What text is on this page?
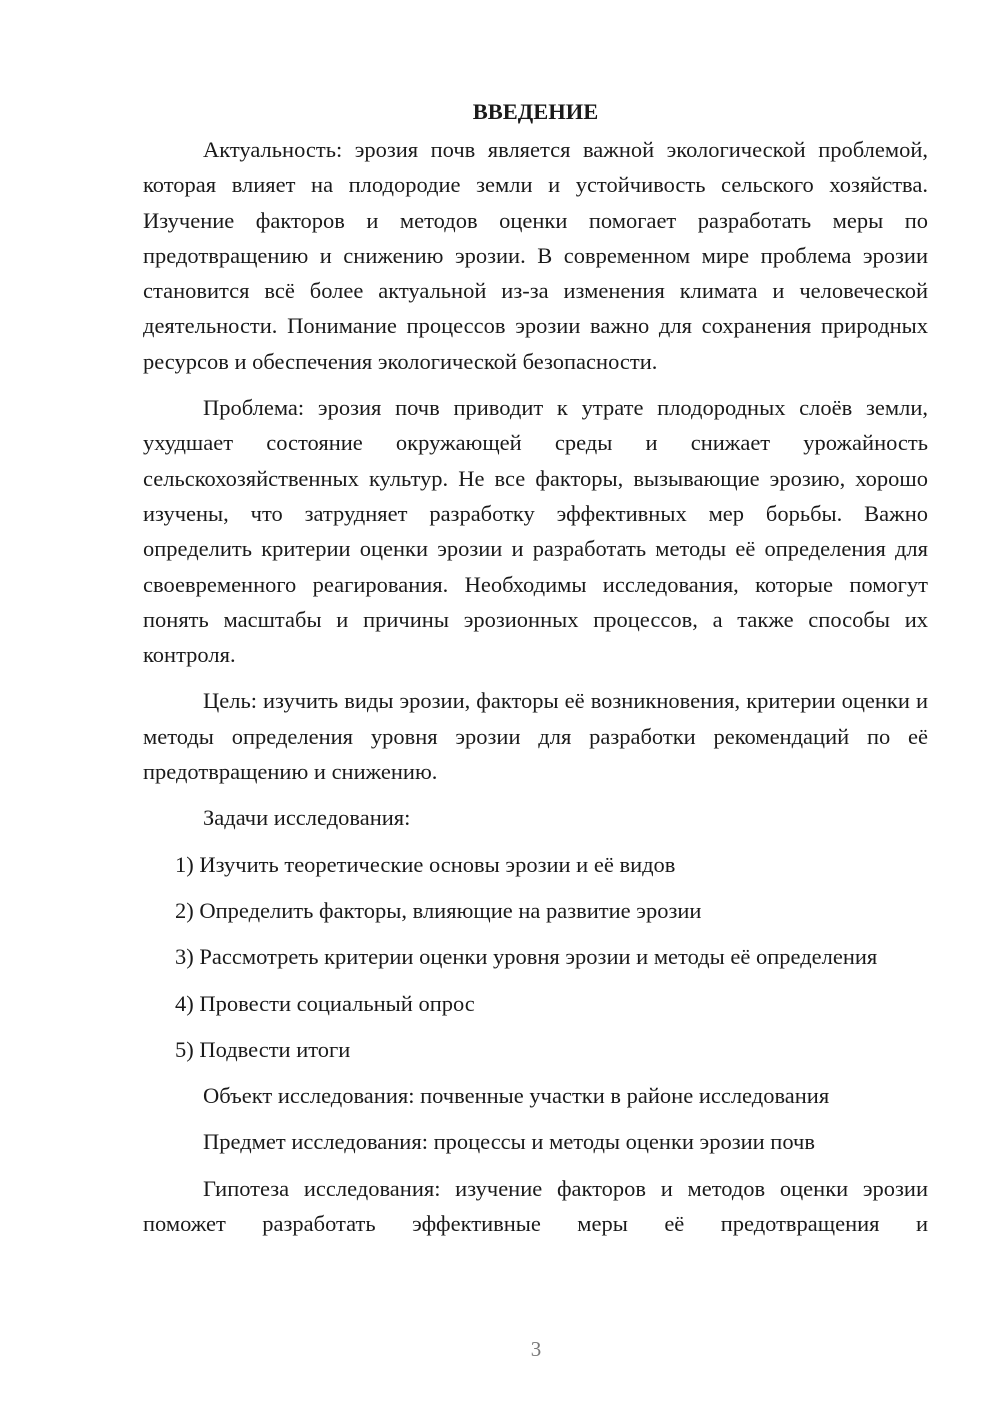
ВВЕДЕНИЕ

Актуальность: эрозия почв является важной экологической проблемой, которая влияет на плодородие земли и устойчивость сельского хозяйства. Изучение факторов и методов оценки помогает разработать меры по предотвращению и снижению эрозии. В современном мире проблема эрозии становится всё более актуальной из-за изменения климата и человеческой деятельности. Понимание процессов эрозии важно для сохранения природных ресурсов и обеспечения экологической безопасности.

Проблема: эрозия почв приводит к утрате плодородных слоёв земли, ухудшает состояние окружающей среды и снижает урожайность сельскохозяйственных культур. Не все факторы, вызывающие эрозию, хорошо изучены, что затрудняет разработку эффективных мер борьбы. Важно определить критерии оценки эрозии и разработать методы её определения для своевременного реагирования. Необходимы исследования, которые помогут понять масштабы и причины эрозионных процессов, а также способы их контроля.

Цель: изучить виды эрозии, факторы её возникновения, критерии оценки и методы определения уровня эрозии для разработки рекомендаций по её предотвращению и снижению.

Задачи исследования:

1) Изучить теоретические основы эрозии и её видов

2) Определить факторы, влияющие на развитие эрозии

3) Рассмотреть критерии оценки уровня эрозии и методы её определения

4) Провести социальный опрос

5) Подвести итоги

Объект исследования: почвенные участки в районе исследования

Предмет исследования: процессы и методы оценки эрозии почв

Гипотеза исследования: изучение факторов и методов оценки эрозии поможет разработать эффективные меры её предотвращения и

3
